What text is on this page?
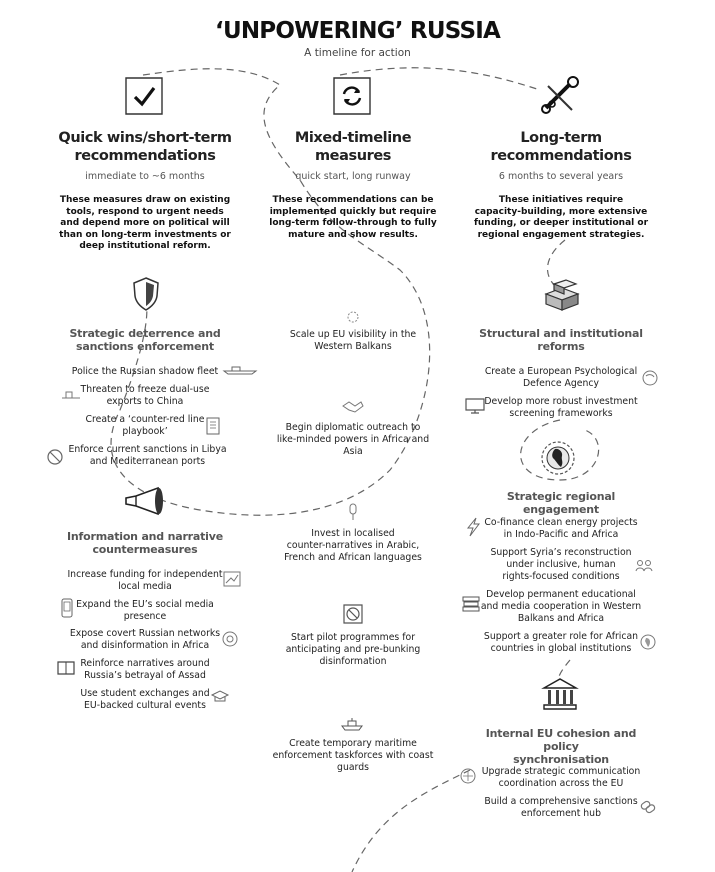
‘UNPOWERING’ RUSSIA
A timeline for action
Quick wins/short-term
recommendations
immediate to ~6 months
These measures draw on existing
tools, respond to urgent needs
and depend more on political will
than on long-term investments or
deep institutional reform.
Mixed-timeline
measures
quick start, long runway
These recommendations can be
implemented quickly but require
long-term follow-through to fully
mature and show results.
Long-term
recommendations
6 months to several years
These initiatives require
capacity-building, more extensive
funding, or deeper institutional or
regional engagement strategies.
Strategic deterrence and
sanctions enforcement
Police the Russian shadow fleet
Threaten to freeze dual-use
exports to China
Create a ‘counter-red line
playbook’
Enforce current sanctions in Libya
and Mediterranean ports
Information and narrative
countermeasures
Increase funding for independent
local media
Expand the EU’s social media
presence
Expose covert Russian networks
and disinformation in Africa
Reinforce narratives around
Russia’s betrayal of Assad
Use student exchanges and
EU-backed cultural events
Scale up EU visibility in the
Western Balkans
Begin diplomatic outreach to
like-minded powers in Africa and
Asia
Invest in localised
counter-narratives in Arabic,
French and African languages
Start pilot programmes for
anticipating and pre-bunking
disinformation
Create temporary maritime
enforcement taskforces with coast
guards
Structural and institutional
reforms
Create a European Psychological
Defence Agency
Develop more robust investment
screening frameworks
Strategic regional engagement
Co-finance clean energy projects
in Indo-Pacific and Africa
Support Syria’s reconstruction
under inclusive, human
rights-focused conditions
Develop permanent educational
and media cooperation in Western
Balkans and Africa
Support a greater role for African
countries in global institutions
Internal EU cohesion and policy
synchronisation
Upgrade strategic communication
coordination across the EU
Build a comprehensive sanctions
enforcement hub
